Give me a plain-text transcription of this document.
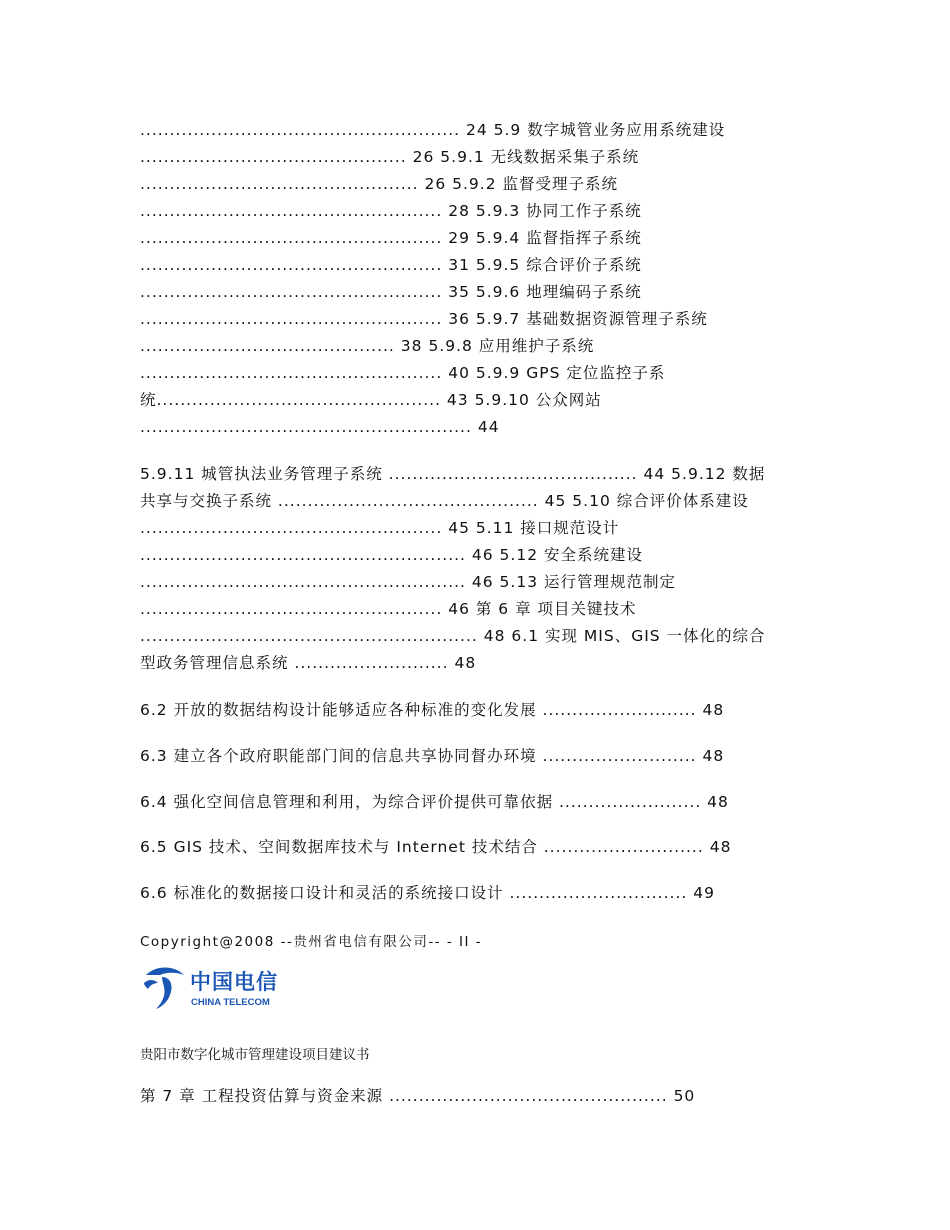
...................................................... 24 5.9 数字城管业务应用系统建设
............................................. 26 5.9.1 无线数据采集子系统
............................................... 26 5.9.2 监督受理子系统
................................................... 28 5.9.3 协同工作子系统
................................................... 29 5.9.4 监督指挥子系统
................................................... 31 5.9.5 综合评价子系统
................................................... 35 5.9.6 地理编码子系统
................................................... 36 5.9.7 基础数据资源管理子系统
........................................... 38 5.9.8 应用维护子系统
................................................... 40 5.9.9 GPS 定位监控子系
统................................................ 43 5.9.10 公众网站
........................................................ 44
5.9.11 城管执法业务管理子系统 .......................................... 44 5.9.12 数据
共享与交换子系统 ............................................ 45 5.10 综合评价体系建设
................................................... 45 5.11 接口规范设计
....................................................... 46 5.12 安全系统建设
....................................................... 46 5.13 运行管理规范制定
................................................... 46 第 6 章 项目关键技术
......................................................... 48 6.1 实现 MIS、GIS 一体化的综合
型政务管理信息系统 .......................... 48
6.2 开放的数据结构设计能够适应各种标准的变化发展 .......................... 48
6.3 建立各个政府职能部门间的信息共享协同督办环境 .......................... 48
6.4 强化空间信息管理和利用，为综合评价提供可靠依据 ........................ 48
6.5 GIS 技术、空间数据库技术与 Internet 技术结合 ........................... 48
6.6 标准化的数据接口设计和灵活的系统接口设计 .............................. 49
Copyright@2008 --贵州省电信有限公司-- - II -
中国电信
CHINA TELECOM
贵阳市数字化城市管理建设项目建议书
第 7 章 工程投资估算与资金来源 ............................................... 50
